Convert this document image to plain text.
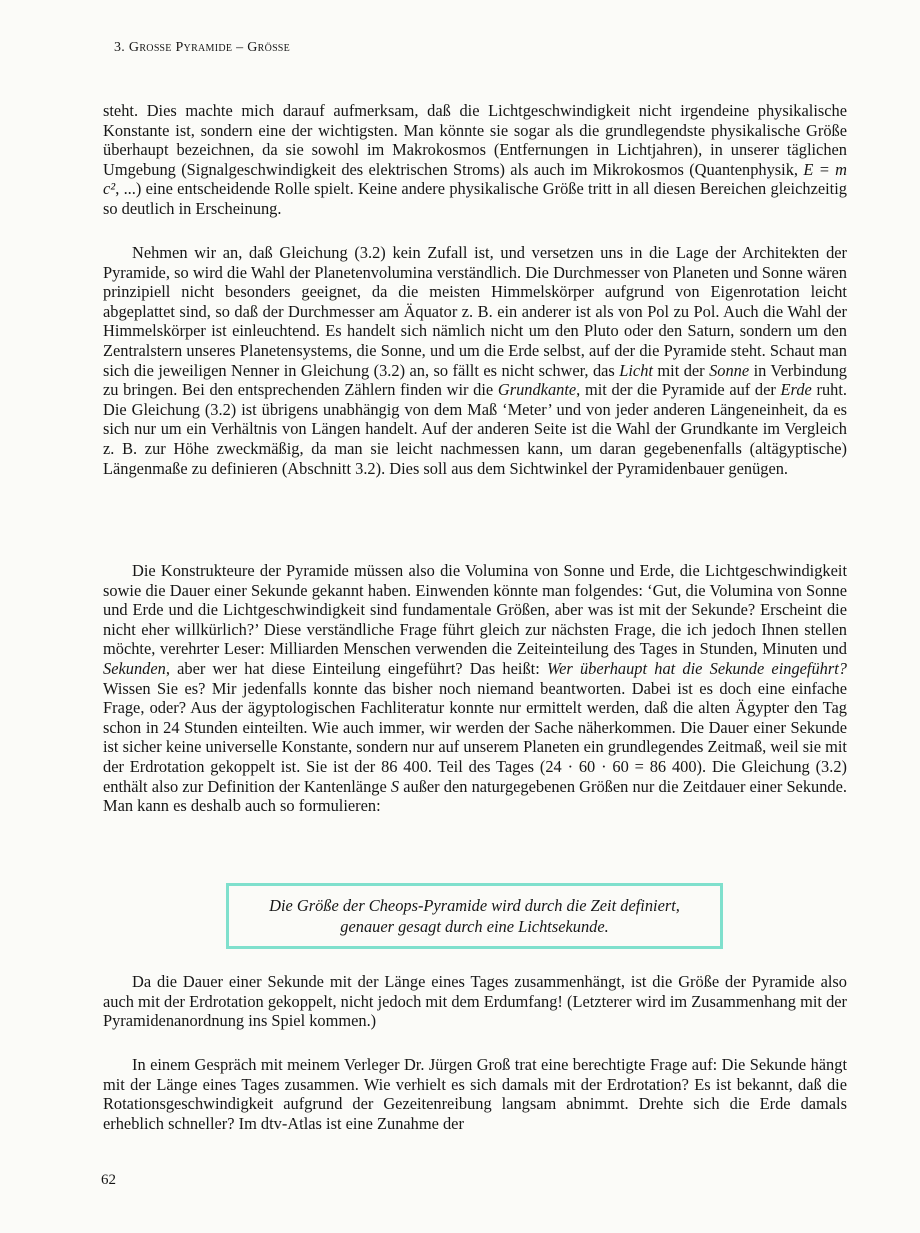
3. Große Pyramide – Größe

steht. Dies machte mich darauf aufmerksam, daß die Lichtgeschwindigkeit nicht irgendeine physikalische Konstante ist, sondern eine der wichtigsten. Man könnte sie sogar als die grundlegendste physikalische Größe überhaupt bezeichnen, da sie sowohl im Makrokosmos (Entfernungen in Lichtjahren), in unserer täglichen Umgebung (Signalgeschwindigkeit des elektrischen Stroms) als auch im Mikrokosmos (Quantenphysik, E = m c², ...) eine entscheidende Rolle spielt. Keine andere physikalische Größe tritt in all diesen Bereichen gleichzeitig so deutlich in Erscheinung.

Nehmen wir an, daß Gleichung (3.2) kein Zufall ist, und versetzen uns in die Lage der Architekten der Pyramide, so wird die Wahl der Planetenvolumina verständlich. Die Durchmesser von Planeten und Sonne wären prinzipiell nicht besonders geeignet, da die meisten Himmelskörper aufgrund von Eigenrotation leicht abgeplattet sind, so daß der Durchmesser am Äquator z. B. ein anderer ist als von Pol zu Pol. Auch die Wahl der Himmelskörper ist einleuchtend. Es handelt sich nämlich nicht um den Pluto oder den Saturn, sondern um den Zentralstern unseres Planetensystems, die Sonne, und um die Erde selbst, auf der die Pyramide steht. Schaut man sich die jeweiligen Nenner in Gleichung (3.2) an, so fällt es nicht schwer, das Licht mit der Sonne in Verbindung zu bringen. Bei den entsprechenden Zählern finden wir die Grundkante, mit der die Pyramide auf der Erde ruht. Die Gleichung (3.2) ist übrigens unabhängig von dem Maß ‘Meter’ und von jeder anderen Längeneinheit, da es sich nur um ein Verhältnis von Längen handelt. Auf der anderen Seite ist die Wahl der Grundkante im Vergleich z. B. zur Höhe zweckmäßig, da man sie leicht nachmessen kann, um daran gegebenenfalls (altägyptische) Längenmaße zu definieren (Abschnitt 3.2). Dies soll aus dem Sichtwinkel der Pyramidenbauer genügen.

Die Konstrukteure der Pyramide müssen also die Volumina von Sonne und Erde, die Lichtgeschwindigkeit sowie die Dauer einer Sekunde gekannt haben. Einwenden könnte man folgendes: ‘Gut, die Volumina von Sonne und Erde und die Lichtgeschwindigkeit sind fundamentale Größen, aber was ist mit der Sekunde? Erscheint die nicht eher willkürlich?’ Diese verständliche Frage führt gleich zur nächsten Frage, die ich jedoch Ihnen stellen möchte, verehrter Leser: Milliarden Menschen verwenden die Zeiteinteilung des Tages in Stunden, Minuten und Sekunden, aber wer hat diese Einteilung eingeführt? Das heißt: Wer überhaupt hat die Sekunde eingeführt? Wissen Sie es? Mir jedenfalls konnte das bisher noch niemand beantworten. Dabei ist es doch eine einfache Frage, oder? Aus der ägyptologischen Fachliteratur konnte nur ermittelt werden, daß die alten Ägypter den Tag schon in 24 Stunden einteilten. Wie auch immer, wir werden der Sache näherkommen. Die Dauer einer Sekunde ist sicher keine universelle Konstante, sondern nur auf unserem Planeten ein grundlegendes Zeitmaß, weil sie mit der Erdrotation gekoppelt ist. Sie ist der 86 400. Teil des Tages (24 · 60 · 60 = 86 400). Die Gleichung (3.2) enthält also zur Definition der Kantenlänge S außer den naturgegebenen Größen nur die Zeitdauer einer Sekunde. Man kann es deshalb auch so formulieren:

Die Größe der Cheops-Pyramide wird durch die Zeit definiert,
genauer gesagt durch eine Lichtsekunde.

Da die Dauer einer Sekunde mit der Länge eines Tages zusammenhängt, ist die Größe der Pyramide also auch mit der Erdrotation gekoppelt, nicht jedoch mit dem Erdumfang! (Letzterer wird im Zusammenhang mit der Pyramidenanordnung ins Spiel kommen.)

In einem Gespräch mit meinem Verleger Dr. Jürgen Groß trat eine berechtigte Frage auf: Die Sekunde hängt mit der Länge eines Tages zusammen. Wie verhielt es sich damals mit der Erdrotation? Es ist bekannt, daß die Rotationsgeschwindigkeit aufgrund der Gezeitenreibung langsam abnimmt. Drehte sich die Erde damals erheblich schneller? Im dtv-Atlas ist eine Zunahme der

62
